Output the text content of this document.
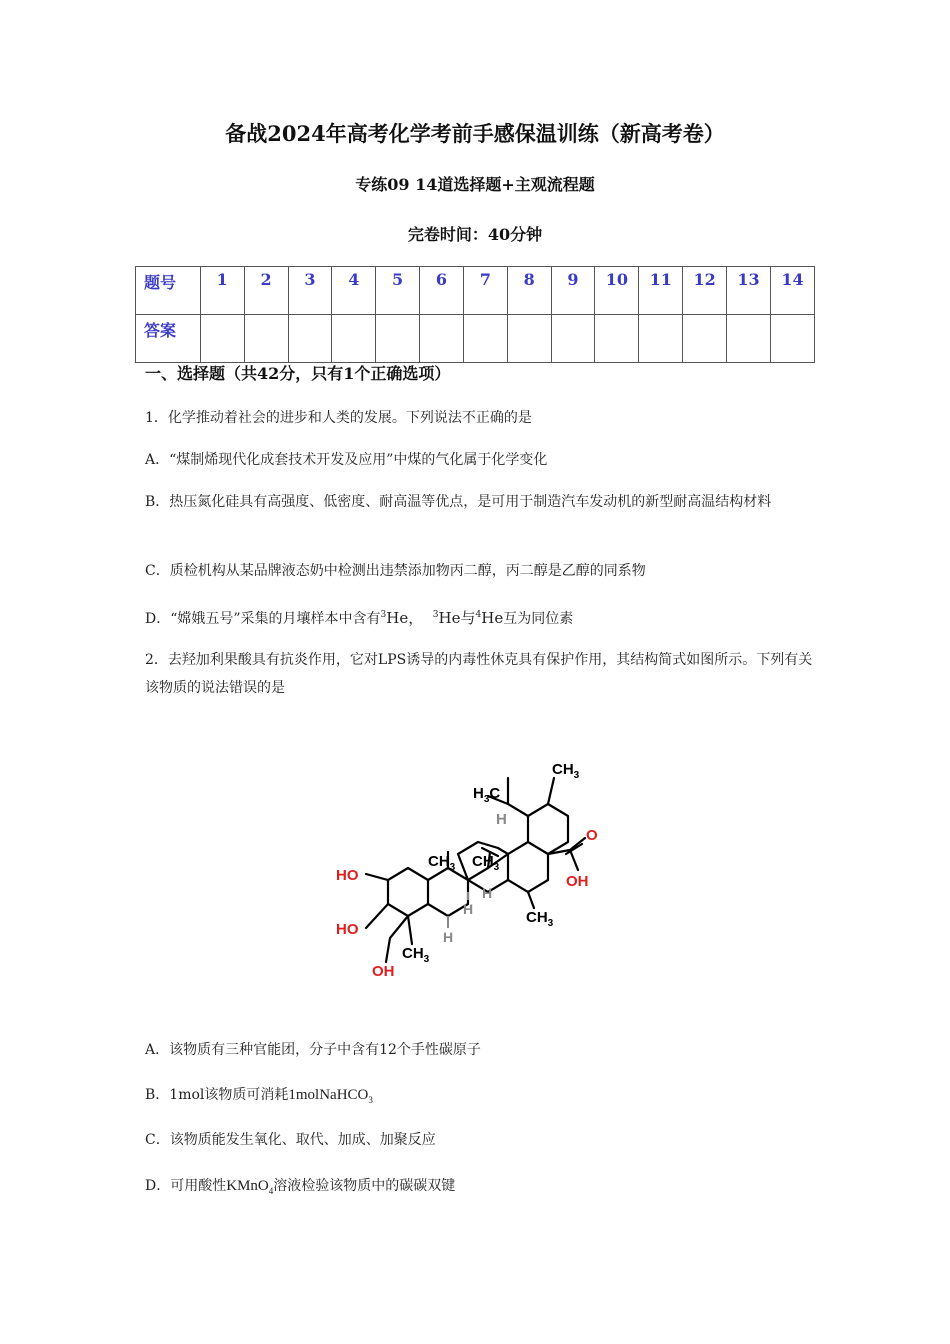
备战2024年高考化学考前手感保温训练（新高考卷）
专练09 14道选择题+主观流程题
完卷时间：40分钟
题号	1	2	3	4	5	6	7	8	9	10	11	12	13	14
答案														
一、选择题（共42分，只有1个正确选项）
1．化学推动着社会的进步和人类的发展。下列说法不正确的是
A．“煤制烯现代化成套技术开发及应用”中煤的气化属于化学变化
B．热压氮化硅具有高强度、低密度、耐高温等优点，是可用于制造汽车发动机的新型耐高温结构材料
C．质检机构从某品牌液态奶中检测出违禁添加物丙二醇，丙二醇是乙醇的同系物
D．“嫦娥五号”采集的月壤样本中含有$^3$He， $^3$He与$^4$He互为同位素
2．去羟加利果酸具有抗炎作用，它对LPS诱导的内毒性休克具有保护作用，其结构简式如图所示。下列有关该物质的说法错误的是
$CH_3$
$H_3C$
H
$CH_3$ $CH_3$
$CH_3$
$CH_3$
HO
HO
OH
O
OH
H
H
H
A．该物质有三种官能团，分子中含有12个手性碳原子
B．1mol该物质可消耗1molNaHCO$_3$
C．该物质能发生氧化、取代、加成、加聚反应
D．可用酸性KMnO$_4$溶液检验该物质中的碳碳双键
